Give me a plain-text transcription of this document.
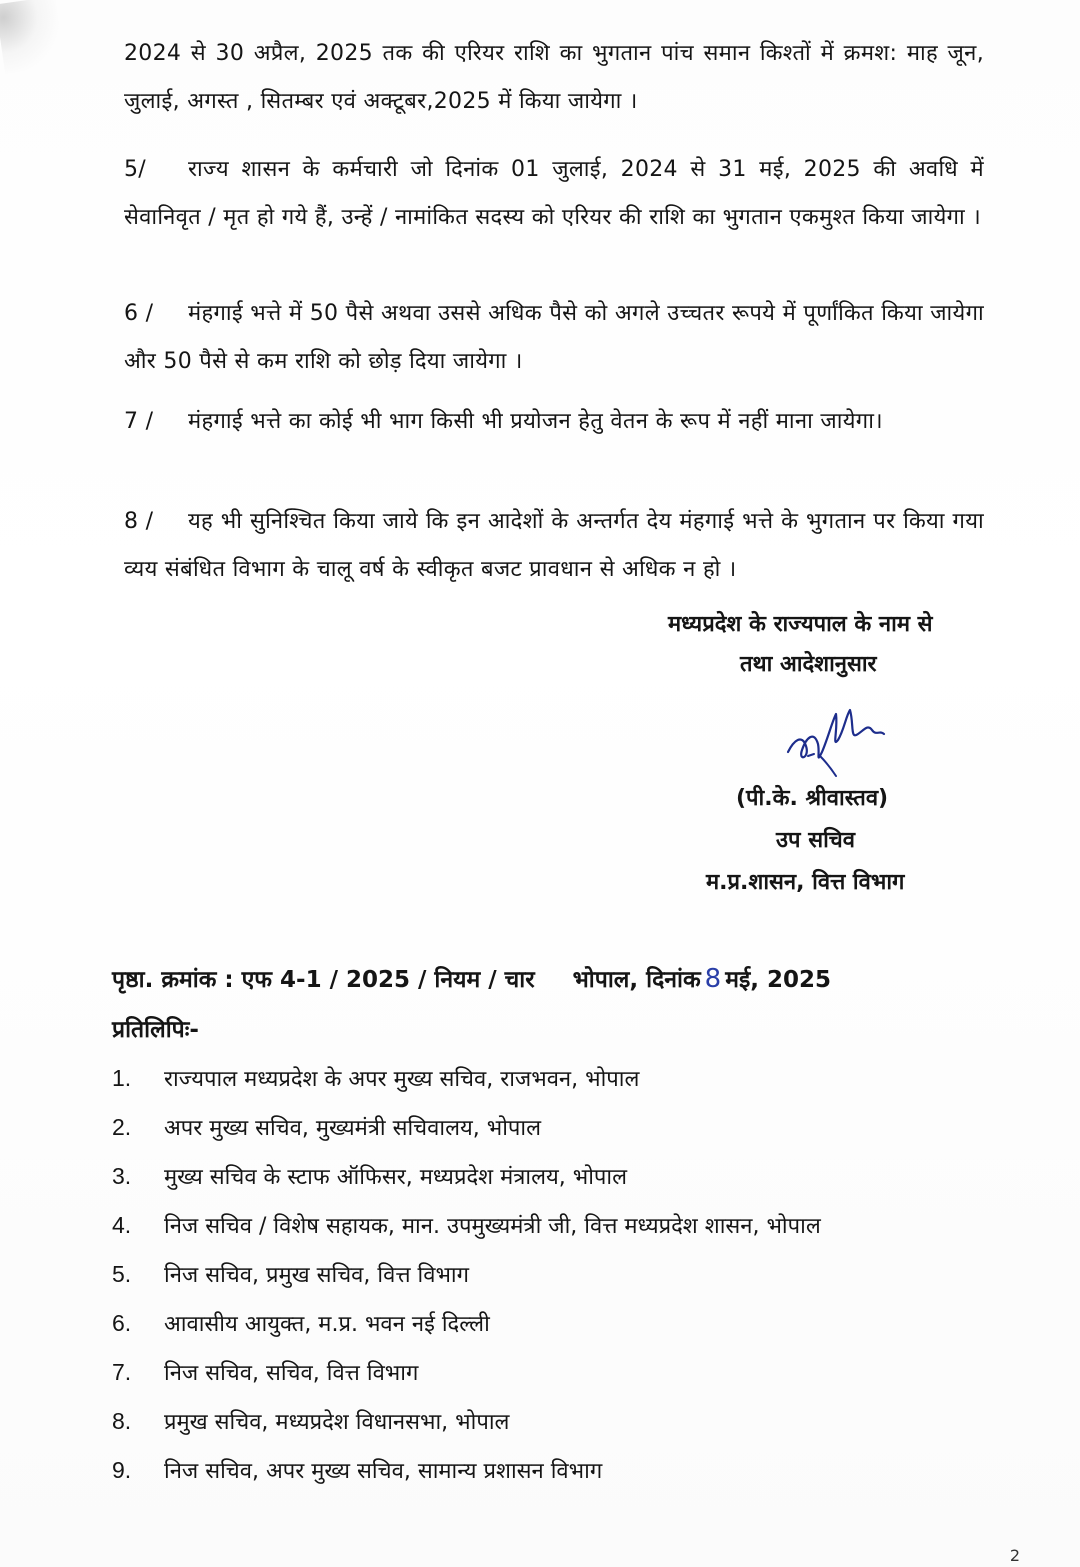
2024 से 30 अप्रैल, 2025 तक की एरियर राशि का भुगतान पांच समान किश्तों में क्रमश: माह जून, जुलाई, अगस्त , सितम्बर एवं अक्टूबर,2025 में किया जायेगा ।
5/ राज्य शासन के कर्मचारी जो दिनांक 01 जुलाई, 2024 से 31 मई, 2025 की अवधि में सेवानिवृत / मृत हो गये हैं, उन्हें / नामांकित सदस्य को एरियर की राशि का भुगतान एकमुश्त किया जायेगा ।
6 / मंहगाई भत्ते में 50 पैसे अथवा उससे अधिक पैसे को अगले उच्चतर रूपये में पूर्णांकित किया जायेगा और 50 पैसे से कम राशि को छोड़ दिया जायेगा ।
7 / मंहगाई भत्ते का कोई भी भाग किसी भी प्रयोजन हेतु वेतन के रूप में नहीं माना जायेगा।
8 / यह भी सुनिश्चित किया जाये कि इन आदेशों के अन्तर्गत देय मंहगाई भत्ते के भुगतान पर किया गया व्यय संबंधित विभाग के चालू वर्ष के स्वीकृत बजट प्रावधान से अधिक न हो ।
मध्यप्रदेश के राज्यपाल के नाम से
तथा आदेशानुसार
(पी.के. श्रीवास्तव)
उप सचिव
म.प्र.शासन, वित्त विभाग
पृष्ठा. क्रमांक : एफ 4-1 / 2025 / नियम / चार भोपाल, दिनांक 8 मई, 2025
प्रतिलिपिः-
1. राज्यपाल मध्यप्रदेश के अपर मुख्य सचिव, राजभवन, भोपाल
2. अपर मुख्य सचिव, मुख्यमंत्री सचिवालय, भोपाल
3. मुख्य सचिव के स्टाफ ऑफिसर, मध्यप्रदेश मंत्रालय, भोपाल
4. निज सचिव / विशेष सहायक, मान. उपमुख्यमंत्री जी, वित्त मध्यप्रदेश शासन, भोपाल
5. निज सचिव, प्रमुख सचिव, वित्त विभाग
6. आवासीय आयुक्त, म.प्र. भवन नई दिल्ली
7. निज सचिव, सचिव, वित्त विभाग
8. प्रमुख सचिव, मध्यप्रदेश विधानसभा, भोपाल
9. निज सचिव, अपर मुख्य सचिव, सामान्य प्रशासन विभाग
2
